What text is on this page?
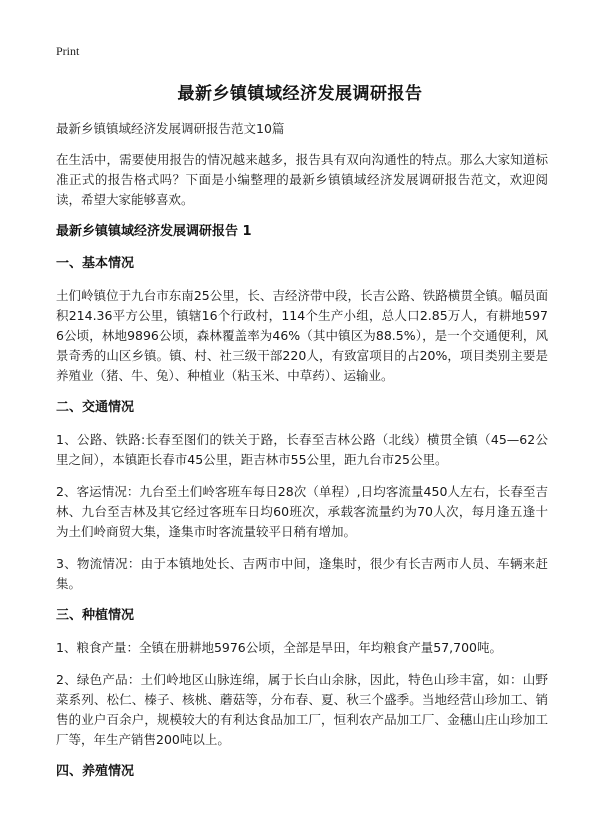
Print
最新乡镇镇域经济发展调研报告
最新乡镇镇域经济发展调研报告范文10篇

在生活中，需要使用报告的情况越来越多，报告具有双向沟通性的特点。那么大家知道标准正式的报告格式吗？下面是小编整理的最新乡镇镇域经济发展调研报告范文，欢迎阅读，希望大家能够喜欢。

最新乡镇镇域经济发展调研报告 1
一、基本情况

土们岭镇位于九台市东南25公里，长、吉经济带中段，长吉公路、铁路横贯全镇。幅员面积214.36平方公里，镇辖16个行政村，114个生产小组，总人口2.85万人，有耕地5976公顷，林地9896公顷，森林覆盖率为46%（其中镇区为88.5%），是一个交通便利，风景奇秀的山区乡镇。镇、村、社三级干部220人，有致富项目的占20%，项目类别主要是养殖业（猪、牛、兔）、种植业（粘玉米、中草药）、运输业。

二、交通情况

1、公路、铁路:长春至图们的铁关于路，长春至吉林公路（北线）横贯全镇（45—62公里之间），本镇距长春市45公里，距吉林市55公里，距九台市25公里。

2、客运情况：九台至土们岭客班车每日28次（单程）,日均客流量450人左右，长春至吉林、九台至吉林及其它经过客班车日均60班次，承载客流量约为70人次，每月逢五逢十为土们岭商贸大集，逢集市时客流量较平日稍有增加。

3、物流情况：由于本镇地处长、吉两市中间，逢集时，很少有长吉两市人员、车辆来赶集。

三、种植情况

1、粮食产量：全镇在册耕地5976公顷，全部是旱田，年均粮食产量57,700吨。

2、绿色产品：土们岭地区山脉连绵，属于长白山余脉，因此，特色山珍丰富，如：山野菜系列、松仁、榛子、核桃、蘑菇等，分布春、夏、秋三个盛季。当地经营山珍加工、销售的业户百余户，规模较大的有利达食品加工厂，恒利农产品加工厂、金穗山庄山珍加工厂等，年生产销售200吨以上。

四、养殖情况
